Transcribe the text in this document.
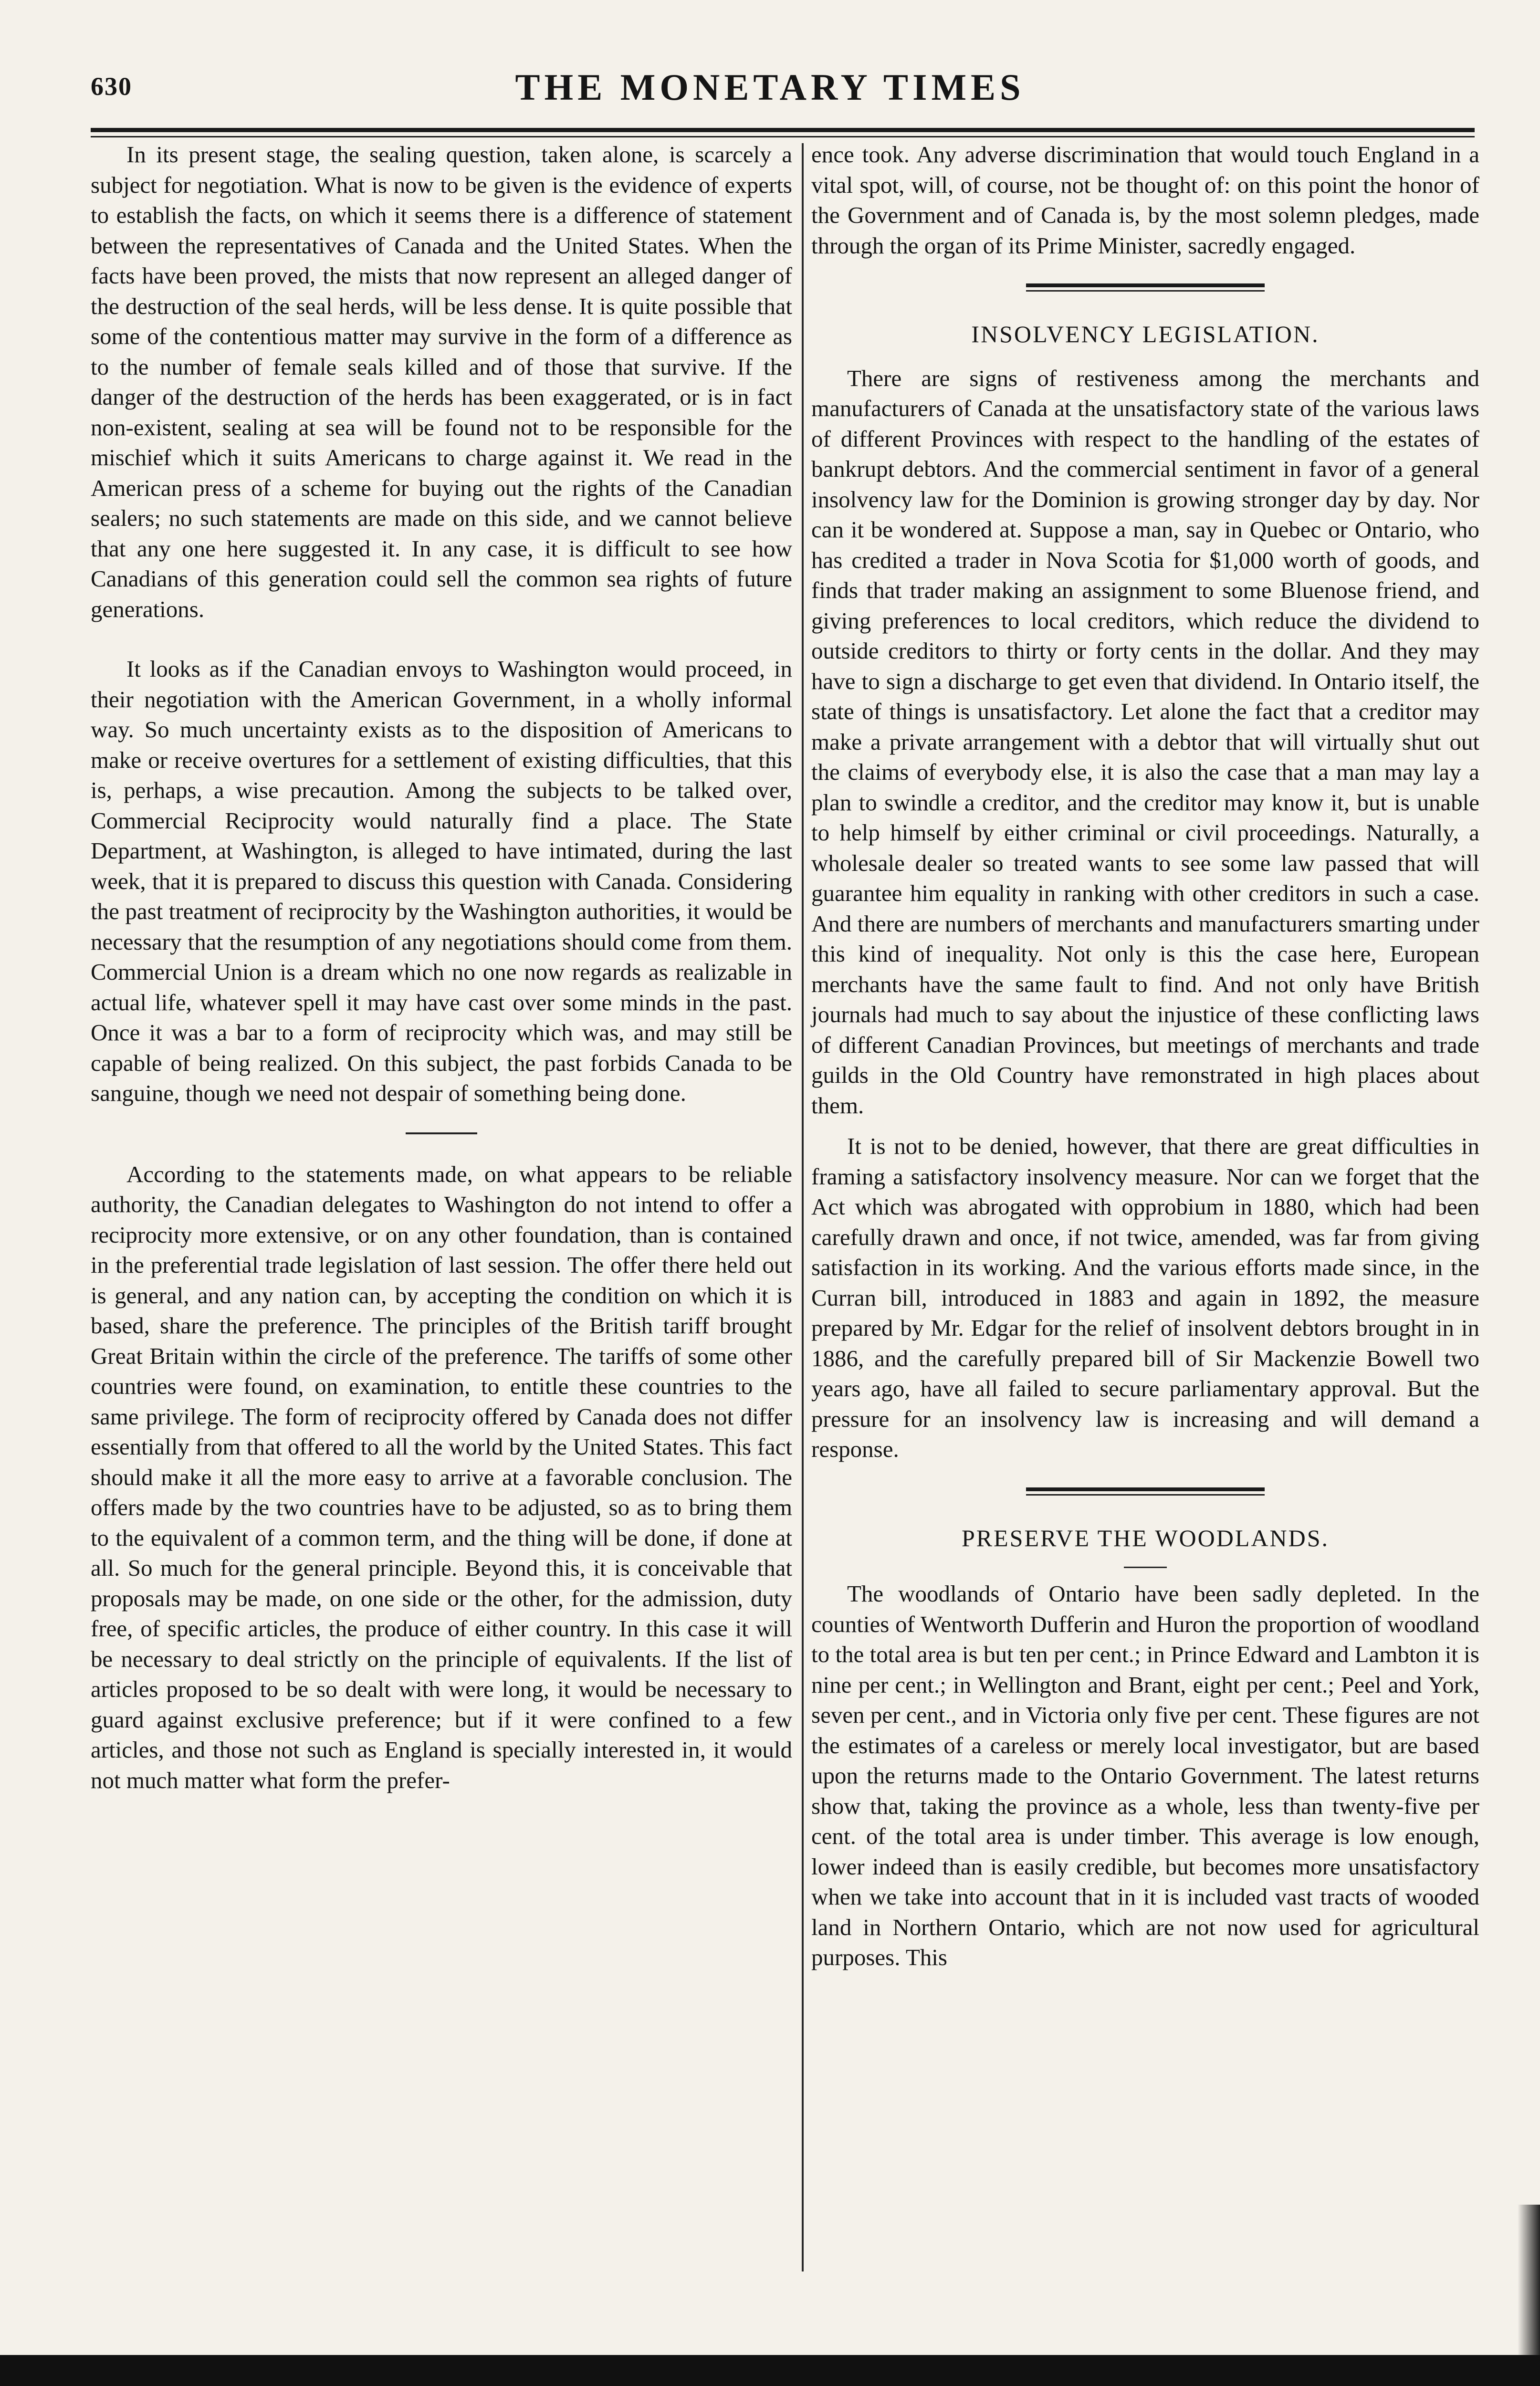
630	THE MONETARY TIMES

In its present stage, the sealing question, taken alone, is scarcely a subject for negotiation. What is now to be given is the evidence of experts to establish the facts, on which it seems there is a difference of statement between the representatives of Canada and the United States. When the facts have been proved, the mists that now represent an alleged danger of the destruction of the seal herds, will be less dense. It is quite possible that some of the contentious matter may survive in the form of a difference as to the number of female seals killed and of those that survive. If the danger of the destruction of the herds has been exaggerated, or is in fact non-existent, sealing at sea will be found not to be responsible for the mischief which it suits Americans to charge against it. We read in the American press of a scheme for buying out the rights of the Canadian sealers; no such statements are made on this side, and we cannot believe that any one here suggested it. In any case, it is difficult to see how Canadians of this generation could sell the common sea rights of future generations.

It looks as if the Canadian envoys to Washington would proceed, in their negotiation with the American Government, in a wholly informal way. So much uncertainty exists as to the disposition of Americans to make or receive overtures for a settlement of existing difficulties, that this is, perhaps, a wise precaution. Among the subjects to be talked over, Commercial Reciprocity would naturally find a place. The State Department, at Washington, is alleged to have intimated, during the last week, that it is prepared to discuss this question with Canada. Considering the past treatment of reciprocity by the Washington authorities, it would be necessary that the resumption of any negotiations should come from them. Commercial Union is a dream which no one now regards as realizable in actual life, whatever spell it may have cast over some minds in the past. Once it was a bar to a form of reciprocity which was, and may still be capable of being realized. On this subject, the past forbids Canada to be sanguine, though we need not despair of something being done.

According to the statements made, on what appears to be reliable authority, the Canadian delegates to Washington do not intend to offer a reciprocity more extensive, or on any other foundation, than is contained in the preferential trade legislation of last session. The offer there held out is general, and any nation can, by accepting the condition on which it is based, share the preference. The principles of the British tariff brought Great Britain within the circle of the preference. The tariffs of some other countries were found, on examination, to entitle these countries to the same privilege. The form of reciprocity offered by Canada does not differ essentially from that offered to all the world by the United States. This fact should make it all the more easy to arrive at a favorable conclusion. The offers made by the two countries have to be adjusted, so as to bring them to the equivalent of a common term, and the thing will be done, if done at all. So much for the general principle. Beyond this, it is conceivable that proposals may be made, on one side or the other, for the admission, duty free, of specific articles, the produce of either country. In this case it will be necessary to deal strictly on the principle of equivalents. If the list of articles proposed to be so dealt with were long, it would be necessary to guard against exclusive preference; but if it were confined to a few articles, and those not such as England is specially interested in, it would not much matter what form the prefer-

ence took. Any adverse discrimination that would touch England in a vital spot, will, of course, not be thought of: on this point the honor of the Government and of Canada is, by the most solemn pledges, made through the organ of its Prime Minister, sacredly engaged.

INSOLVENCY LEGISLATION.

There are signs of restiveness among the merchants and manufacturers of Canada at the unsatisfactory state of the various laws of different Provinces with respect to the handling of the estates of bankrupt debtors. And the commercial sentiment in favor of a general insolvency law for the Dominion is growing stronger day by day. Nor can it be wondered at. Suppose a man, say in Quebec or Ontario, who has credited a trader in Nova Scotia for $1,000 worth of goods, and finds that trader making an assignment to some Bluenose friend, and giving preferences to local creditors, which reduce the dividend to outside creditors to thirty or forty cents in the dollar. And they may have to sign a discharge to get even that dividend. In Ontario itself, the state of things is unsatisfactory. Let alone the fact that a creditor may make a private arrangement with a debtor that will virtually shut out the claims of everybody else, it is also the case that a man may lay a plan to swindle a creditor, and the creditor may know it, but is unable to help himself by either criminal or civil proceedings. Naturally, a wholesale dealer so treated wants to see some law passed that will guarantee him equality in ranking with other creditors in such a case. And there are numbers of merchants and manufacturers smarting under this kind of inequality. Not only is this the case here, European merchants have the same fault to find. And not only have British journals had much to say about the injustice of these conflicting laws of different Canadian Provinces, but meetings of merchants and trade guilds in the Old Country have remonstrated in high places about them.

It is not to be denied, however, that there are great difficulties in framing a satisfactory insolvency measure. Nor can we forget that the Act which was abrogated with opprobium in 1880, which had been carefully drawn and once, if not twice, amended, was far from giving satisfaction in its working. And the various efforts made since, in the Curran bill, introduced in 1883 and again in 1892, the measure prepared by Mr. Edgar for the relief of insolvent debtors brought in in 1886, and the carefully prepared bill of Sir Mackenzie Bowell two years ago, have all failed to secure parliamentary approval. But the pressure for an insolvency law is increasing and will demand a response.

PRESERVE THE WOODLANDS.

The woodlands of Ontario have been sadly depleted. In the counties of Wentworth Dufferin and Huron the proportion of woodland to the total area is but ten per cent.; in Prince Edward and Lambton it is nine per cent.; in Wellington and Brant, eight per cent.; Peel and York, seven per cent., and in Victoria only five per cent. These figures are not the estimates of a careless or merely local investigator, but are based upon the returns made to the Ontario Government. The latest returns show that, taking the province as a whole, less than twenty-five per cent. of the total area is under timber. This average is low enough, lower indeed than is easily credible, but becomes more unsatisfactory when we take into account that in it is included vast tracts of wooded land in Northern Ontario, which are not now used for agricultural purposes. This
